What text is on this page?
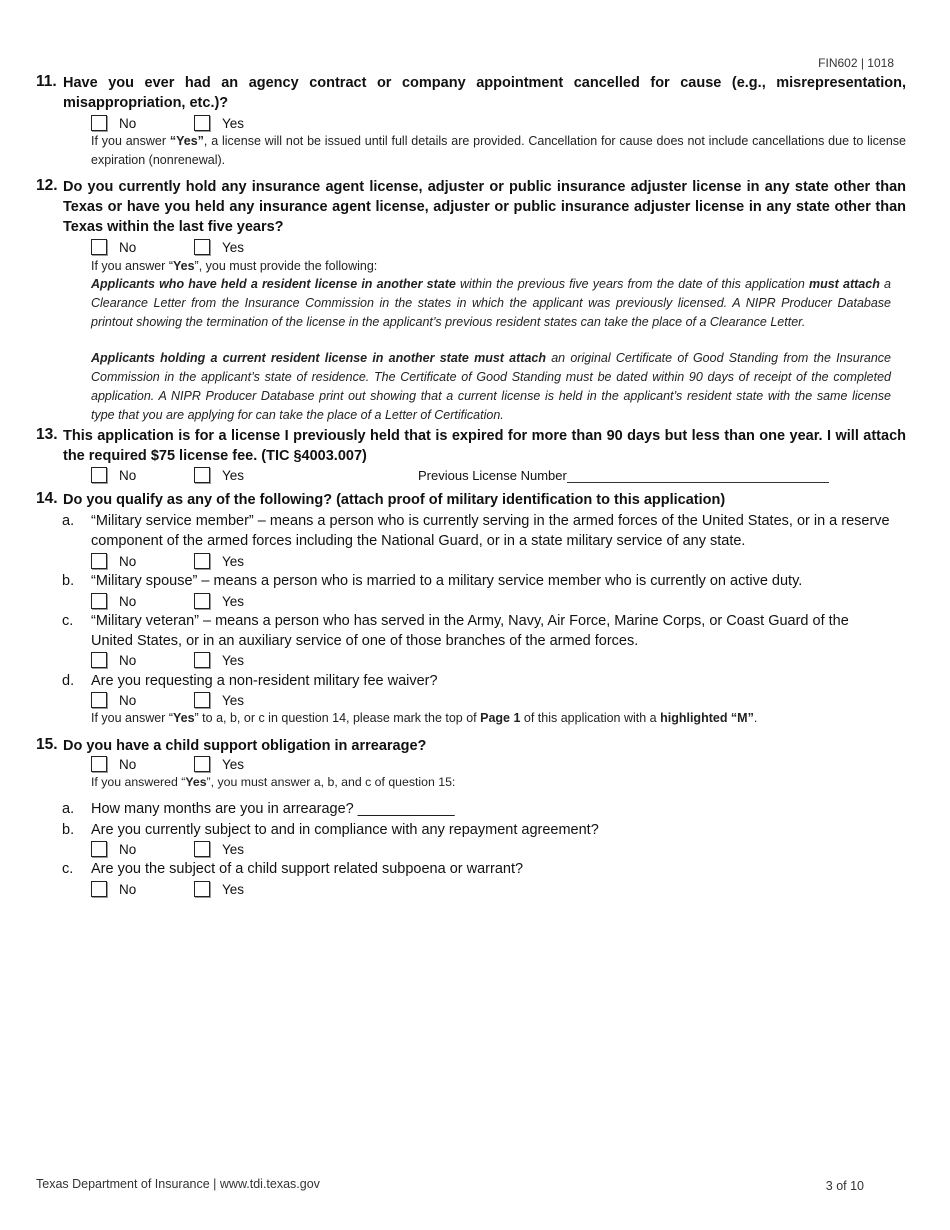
FIN602 | 1018
11. Have you ever had an agency contract or company appointment cancelled for cause (e.g., misrepresentation, misappropriation, etc.)?
No	Yes
If you answer “Yes”, a license will not be issued until full details are provided. Cancellation for cause does not include cancellations due to license expiration (nonrenewal).
12. Do you currently hold any insurance agent license, adjuster or public insurance adjuster license in any state other than Texas or have you held any insurance agent license, adjuster or public insurance adjuster license in any state other than Texas within the last five years?
No	Yes
If you answer “Yes”, you must provide the following:
Applicants who have held a resident license in another state within the previous five years from the date of this application must attach a Clearance Letter from the Insurance Commission in the states in which the applicant was previously licensed. A NIPR Producer Database printout showing the termination of the license in the applicant’s previous resident states can take the place of a Clearance Letter.
Applicants holding a current resident license in another state must attach an original Certificate of Good Standing from the Insurance Commission in the applicant’s state of residence. The Certificate of Good Standing must be dated within 90 days of receipt of the completed application. A NIPR Producer Database print out showing that a current license is held in the applicant’s resident state with the same license type that you are applying for can take the place of a Letter of Certification.
13. This application is for a license I previously held that is expired for more than 90 days but less than one year. I will attach the required $75 license fee. (TIC §4003.007)
No	Yes	Previous License Number
14. Do you qualify as any of the following? (attach proof of military identification to this application)
a. “Military service member” – means a person who is currently serving in the armed forces of the United States, or in a reserve component of the armed forces including the National Guard, or in a state military service of any state.
No	Yes
b. “Military spouse” – means a person who is married to a military service member who is currently on active duty.
No	Yes
c. “Military veteran” – means a person who has served in the Army, Navy, Air Force, Marine Corps, or Coast Guard of the United States, or in an auxiliary service of one of those branches of the armed forces.
No	Yes
d. Are you requesting a non-resident military fee waiver?
No	Yes
If you answer “Yes” to a, b, or c in question 14, please mark the top of Page 1 of this application with a highlighted “M”.
15. Do you have a child support obligation in arrearage?
No	Yes
If you answered “Yes”, you must answer a, b, and c of question 15:
a. How many months are you in arrearage? ____________
b. Are you currently subject to and in compliance with any repayment agreement?
No	Yes
c. Are you the subject of a child support related subpoena or warrant?
No	Yes
Texas Department of Insurance | www.tdi.texas.gov	3 of 10
